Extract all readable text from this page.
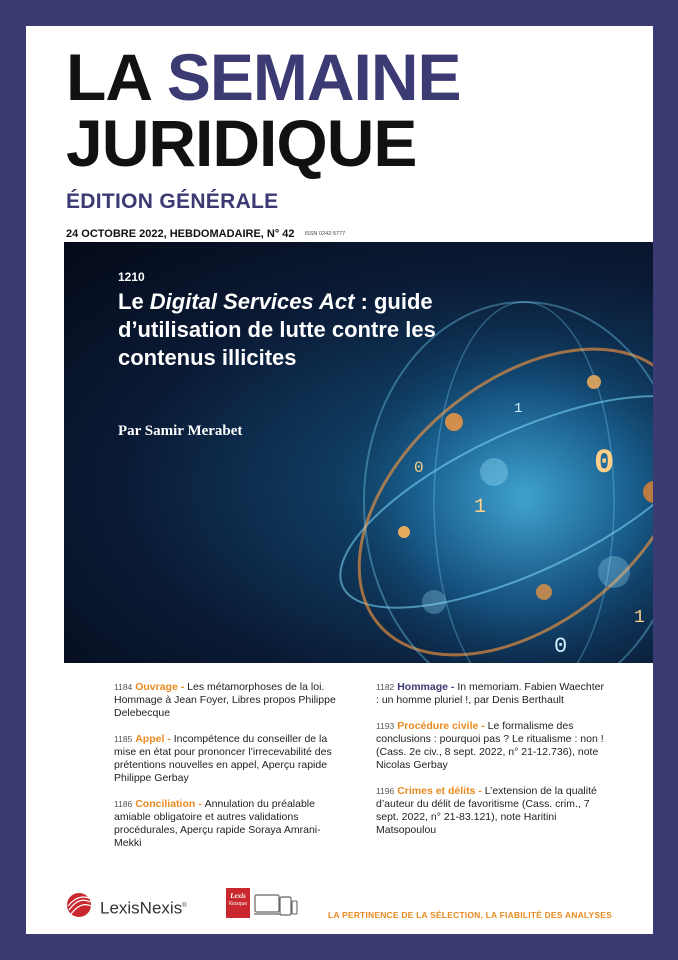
LA SEMAINE
JURIDIQUE
ÉDITION GÉNÉRALE
24 OCTOBRE 2022, HEBDOMADAIRE, N° 42 ISSN 0242-5777
0
1
0
0
1
0
1
1210
Le Digital Services Act : guide d’utilisation de lutte contre les contenus illicites
Par Samir Merabet
1184 Ouvrage - Les métamorphoses de la loi. Hommage à Jean Foyer, Libres propos Philippe Delebecque
1185 Appel - Incompétence du conseiller de la mise en état pour prononcer l’irrecevabilité des prétentions nouvelles en appel, Aperçu rapide Philippe Gerbay
1186 Conciliation - Annulation du préalable amiable obligatoire et autres validations procédurales, Aperçu rapide Soraya Amrani-Mekki
1182 Hommage - In memoriam. Fabien Waechter : un homme pluriel !, par Denis Berthault
1193 Procédure civile - Le formalisme des conclusions : pourquoi pas ? Le ritualisme : non ! (Cass. 2e civ., 8 sept. 2022, n° 21-12.736), note Nicolas Gerbay
1196 Crimes et délits - L’extension de la qualité d’auteur du délit de favoritisme (Cass. crim., 7 sept. 2022, n° 21-83.121), note Haritini Matsopoulou
LexisNexis®
Lexis
Kiosque
LA PERTINENCE DE LA SÉLECTION, LA FIABILITÉ DES ANALYSES
